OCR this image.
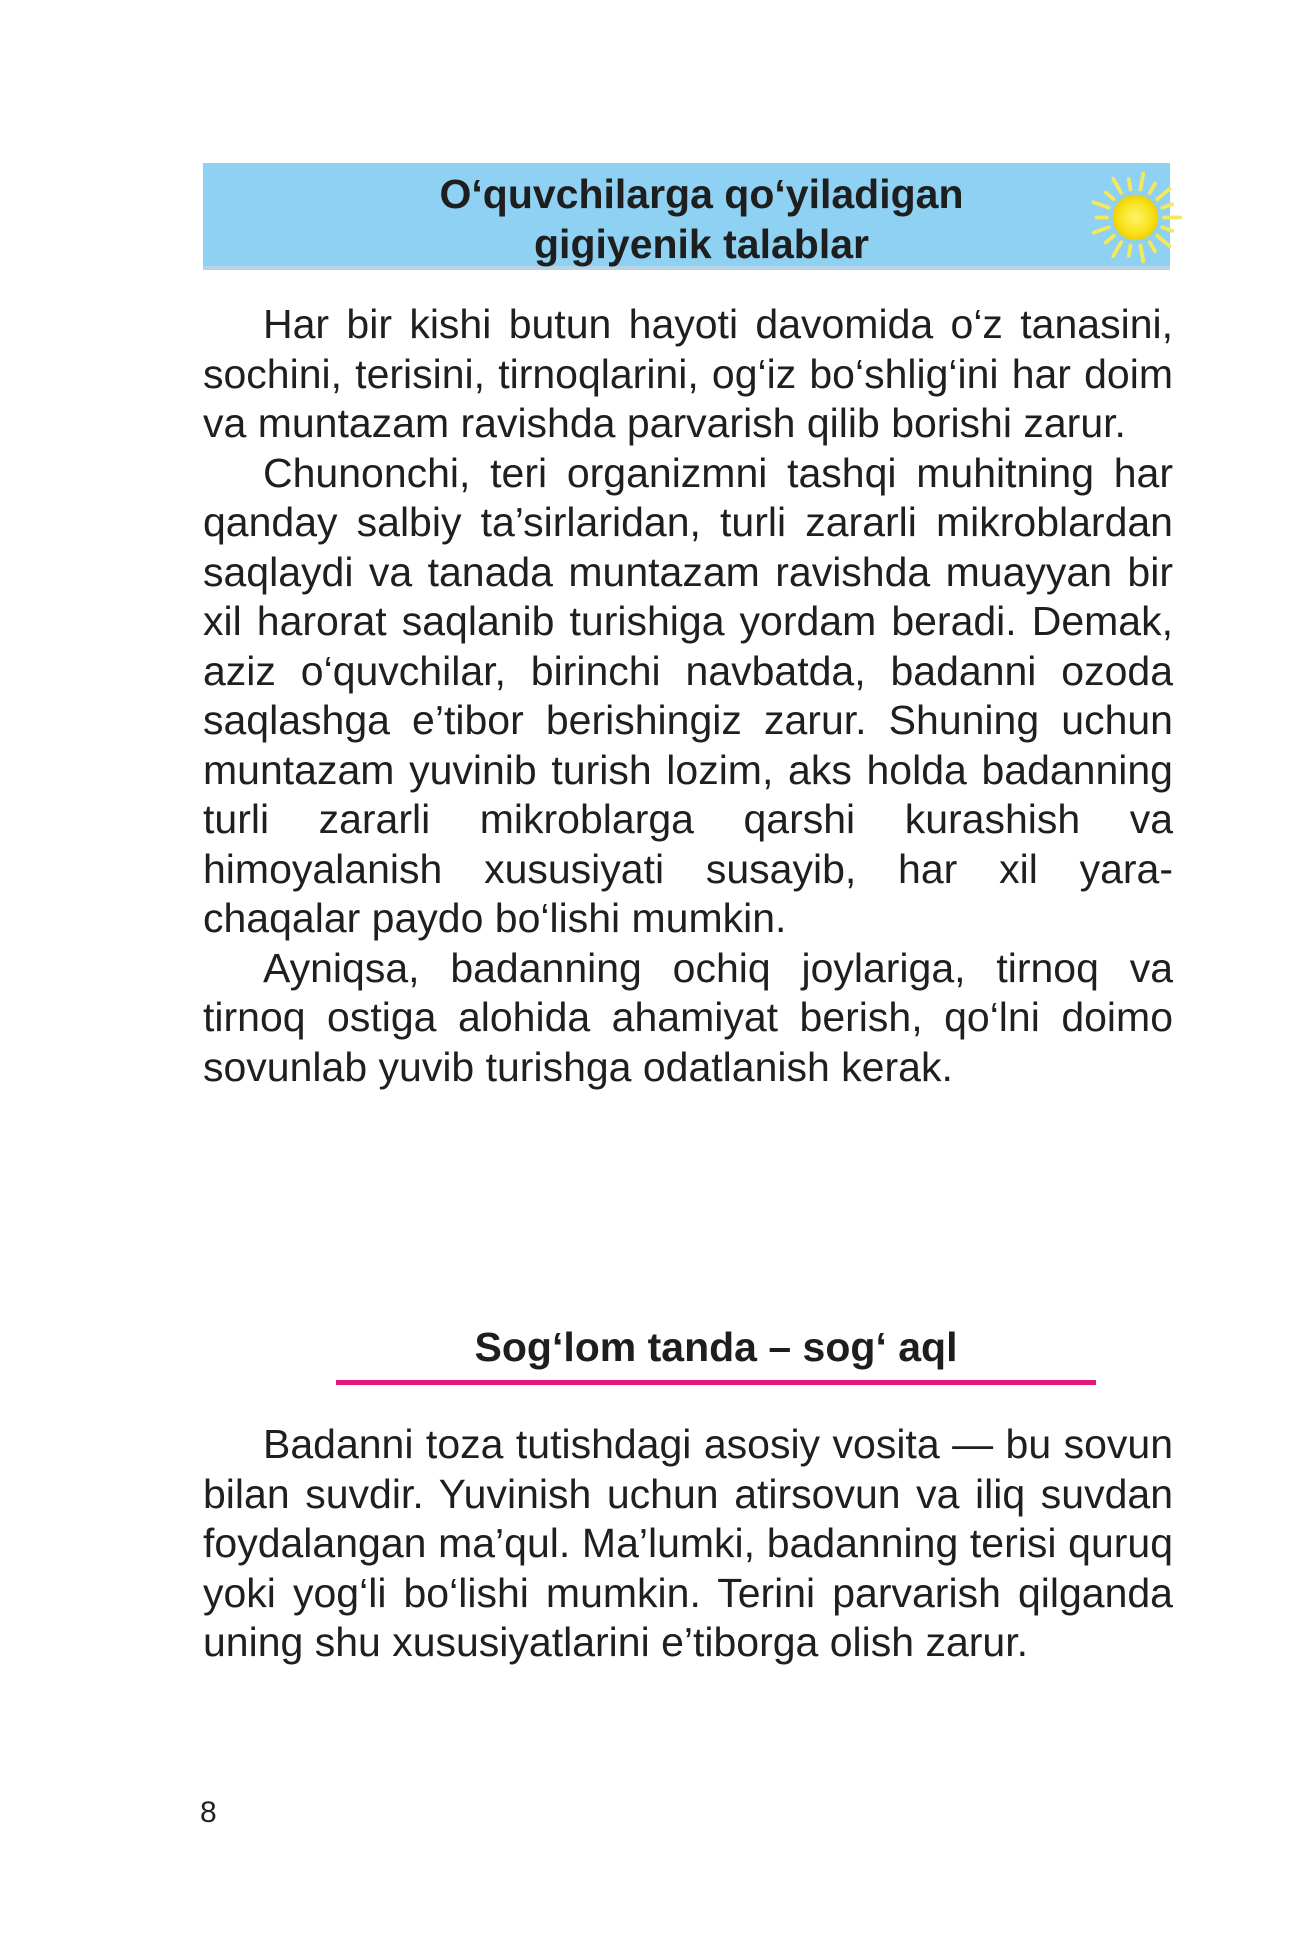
O‘quvchilarga qo‘yiladigan
gigiyenik talablar

Har bir kishi butun hayoti davomida o‘z tanasini, sochini, terisini, tirnoqlarini, og‘iz bo‘shlig‘ini har doim va muntazam ravishda parvarish qilib borishi zarur.

Chunonchi, teri organizmni tashqi muhitning har qanday salbiy ta’sirlaridan, turli zararli mikroblardan saqlaydi va tanada muntazam ravishda muayyan bir xil harorat saqlanib turishiga yordam beradi. Demak, aziz o‘quvchilar, birinchi navbatda, badanni ozoda saqlashga e’tibor berishingiz zarur. Shuning uchun muntazam yuvinib turish lozim, aks holda badanning turli zararli mikroblarga qarshi kurashish va himoyalanish xususiyati susayib, har xil yara-chaqalar paydo bo‘lishi mumkin.

Ayniqsa, badanning ochiq joylariga, tirnoq va tirnoq ostiga alohida ahamiyat berish, qo‘lni doimo sovunlab yuvib turishga odatlanish kerak.

Sog‘lom tanda – sog‘ aql

Badanni toza tutishdagi asosiy vosita — bu sovun bilan suvdir. Yuvinish uchun atirsovun va iliq suvdan foydalangan ma’qul. Ma’lumki, badanning terisi quruq yoki yog‘li bo‘lishi mumkin. Terini parvarish qilganda uning shu xususiyatlarini e’tiborga olish zarur.

8
